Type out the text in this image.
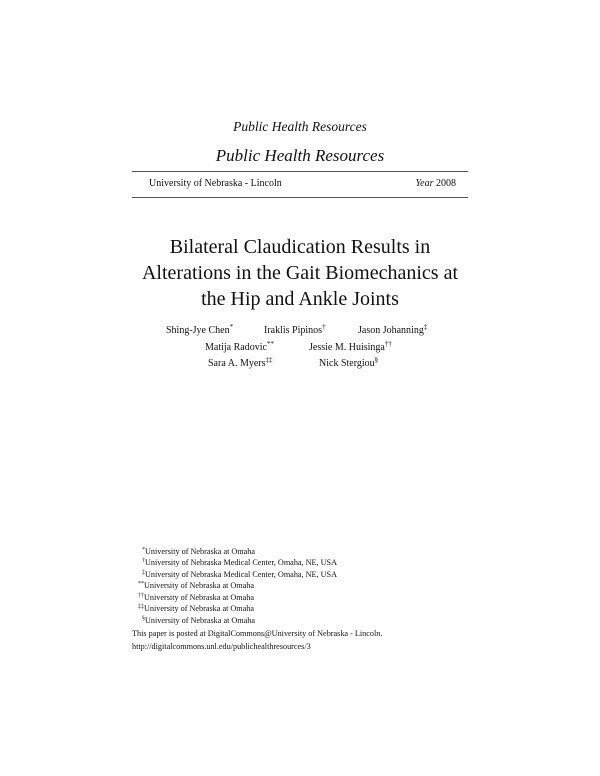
Public Health Resources
Public Health Resources
University of Nebraska - Lincoln	Year 2008
Bilateral Claudication Results in
Alterations in the Gait Biomechanics at
the Hip and Ankle Joints
Shing-Jye Chen*	Iraklis Pipinos†	Jason Johanning‡
Matija Radovic**	Jessie M. Huisinga††
Sara A. Myers‡‡	Nick Stergiou§
*University of Nebraska at Omaha
†University of Nebraska Medical Center, Omaha, NE, USA
‡University of Nebraska Medical Center, Omaha, NE, USA
**University of Nebraska at Omaha
††University of Nebraska at Omaha
‡‡University of Nebraska at Omaha
§University of Nebraska at Omaha
This paper is posted at DigitalCommons@University of Nebraska - Lincoln.
http://digitalcommons.unl.edu/publichealthresources/3
